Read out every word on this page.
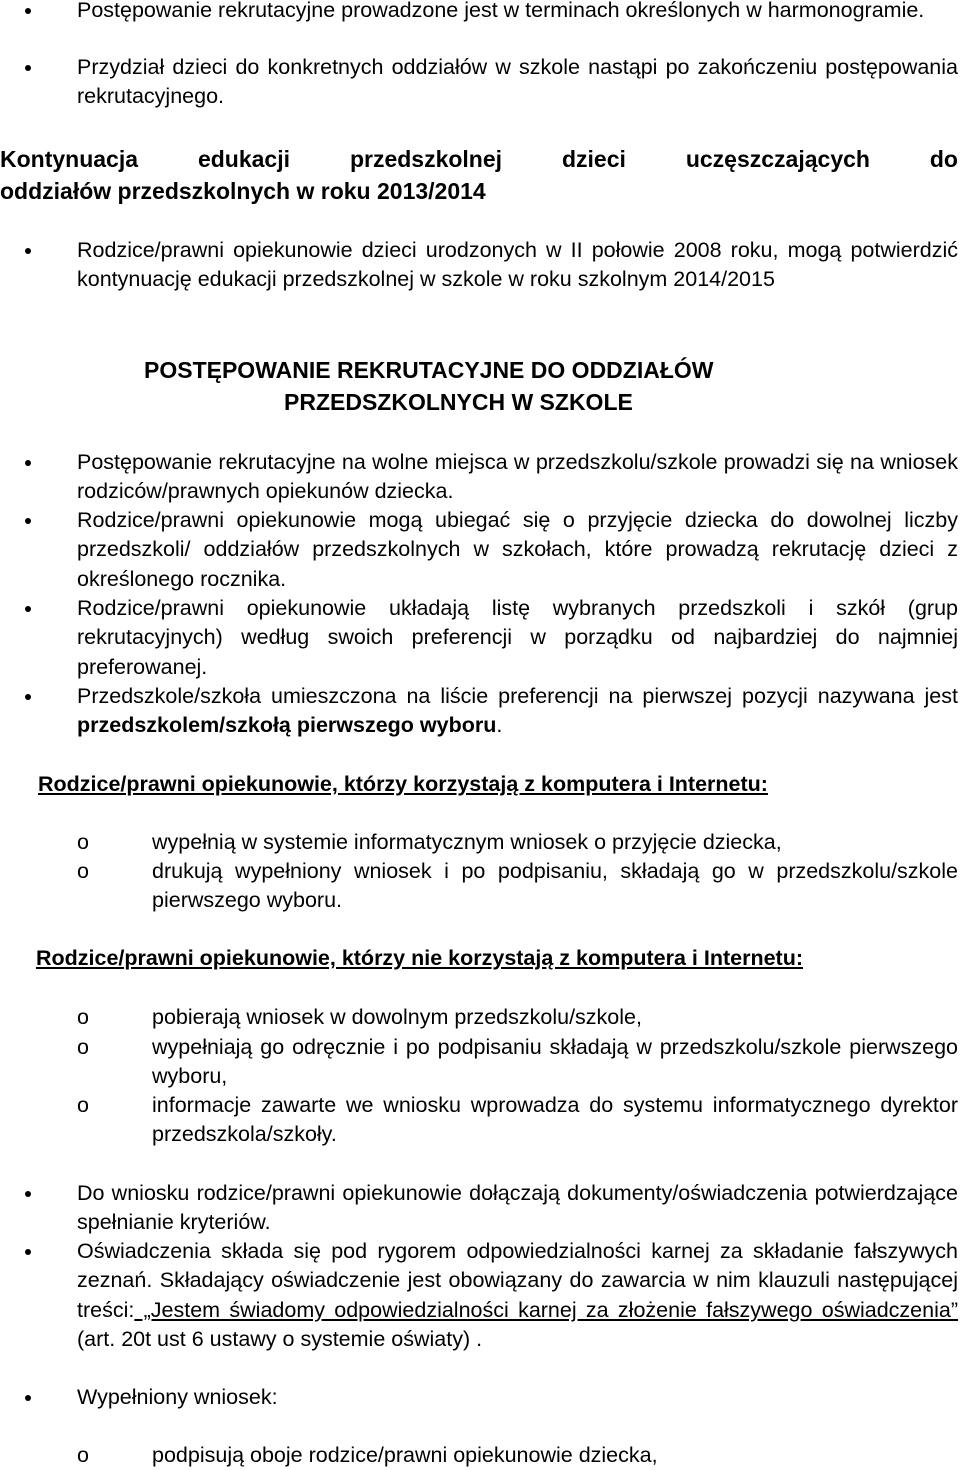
Postępowanie rekrutacyjne prowadzone jest w terminach określonych w harmonogramie.
Przydział dzieci do konkretnych oddziałów w szkole nastąpi po zakończeniu postępowania rekrutacyjnego.
Kontynuacja edukacji przedszkolnej dzieci uczęszczających do
oddziałów przedszkolnych w roku 2013/2014
Rodzice/prawni opiekunowie dzieci urodzonych w II połowie 2008 roku, mogą potwierdzić kontynuację edukacji przedszkolnej w szkole w roku szkolnym 2014/2015
POSTĘPOWANIE REKRUTACYJNE DO ODDZIAŁÓW
PRZEDSZKOLNYCH W SZKOLE
Postępowanie rekrutacyjne na wolne miejsca w przedszkolu/szkole prowadzi się na wniosek rodziców/prawnych opiekunów dziecka.
Rodzice/prawni opiekunowie mogą ubiegać się o przyjęcie dziecka do dowolnej liczby przedszkoli/ oddziałów przedszkolnych w szkołach, które prowadzą rekrutację dzieci z określonego rocznika.
Rodzice/prawni opiekunowie układają listę wybranych przedszkoli i szkół (grup rekrutacyjnych) według swoich preferencji w porządku od najbardziej do najmniej preferowanej.
Przedszkole/szkoła umieszczona na liście preferencji na pierwszej pozycji nazywana jest przedszkolem/szkołą pierwszego wyboru.
Rodzice/prawni opiekunowie, którzy korzystają z komputera i Internetu:
o	wypełnią w systemie informatycznym wniosek o przyjęcie dziecka,
o	drukują wypełniony wniosek i po podpisaniu, składają go w przedszkolu/szkole pierwszego wyboru.
Rodzice/prawni opiekunowie, którzy nie korzystają z komputera i Internetu:
o	pobierają wniosek w dowolnym przedszkolu/szkole,
o	wypełniają go odręcznie i po podpisaniu składają w przedszkolu/szkole pierwszego wyboru,
o	informacje zawarte we wniosku wprowadza do systemu informatycznego dyrektor przedszkola/szkoły.
Do wniosku rodzice/prawni opiekunowie dołączają dokumenty/oświadczenia potwierdzające spełnianie kryteriów.
Oświadczenia składa się pod rygorem odpowiedzialności karnej za składanie fałszywych zeznań. Składający oświadczenie jest obowiązany do zawarcia w nim klauzuli następującej treści: „Jestem świadomy odpowiedzialności karnej za złożenie fałszywego oświadczenia” (art. 20t ust 6 ustawy o systemie oświaty) .
Wypełniony wniosek:
o	podpisują oboje rodzice/prawni opiekunowie dziecka,
